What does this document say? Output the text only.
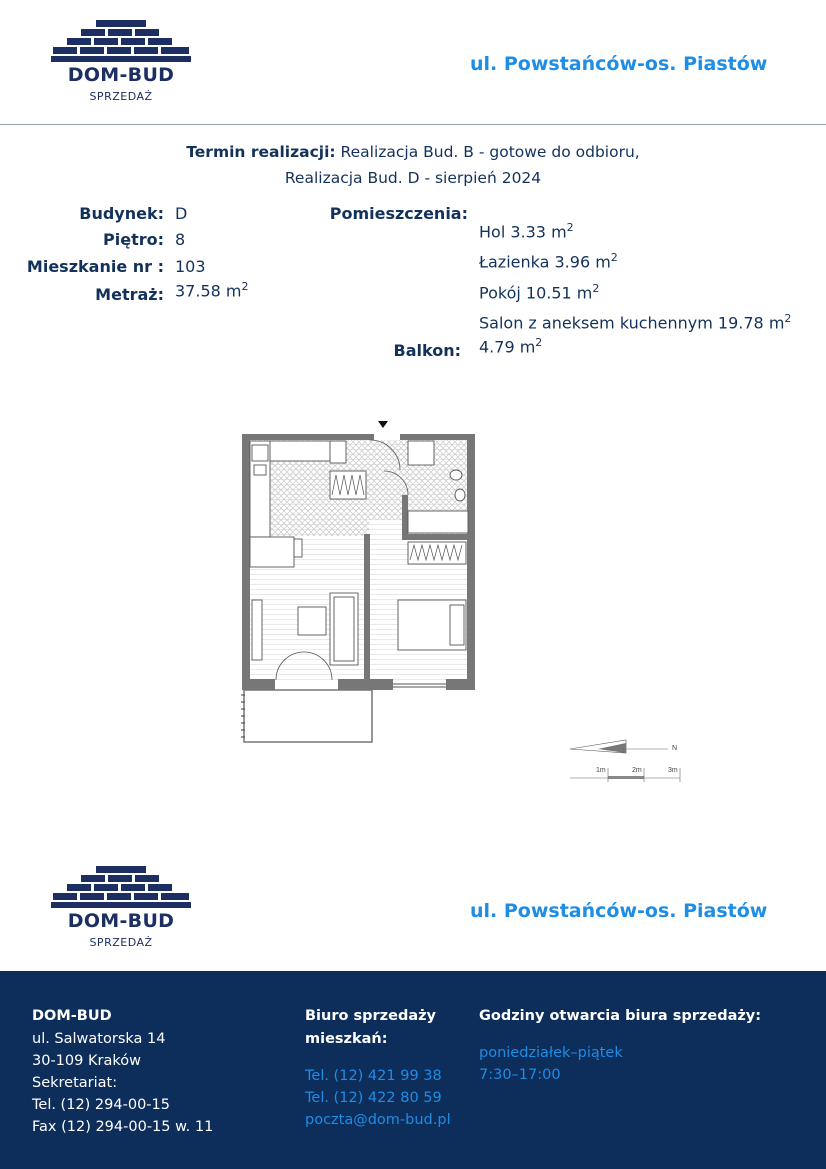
DOM-BUD
SPRZEDAŻ
ul. Powstańców-os. Piastów
Termin realizacji: Realizacja Bud. B - gotowe do odbioru,
Realizacja Bud. D - sierpień 2024
Budynek: D
Piętro: 8
Mieszkanie nr : 103
Metraż: 37.58 $m^2$
Pomieszczenia:
Hol 3.33 $m^2$
Łazienka 3.96 $m^2$
Pokój 10.51 $m^2$
Salon z aneksem kuchennym 19.78 $m^2$
Balkon: 4.79 $m^2$
N
1m	2m	3m
DOM-BUD
SPRZEDAŻ
ul. Powstańców-os. Piastów
DOM-BUD
ul. Salwatorska 14
30-109 Kraków
Sekretariat:
Tel. (12) 294-00-15
Fax (12) 294-00-15 w. 11
Biuro sprzedaży
mieszkań:
Tel. (12) 421 99 38
Tel. (12) 422 80 59
poczta@dom-bud.pl
Godziny otwarcia biura sprzedaży:
poniedziałek–piątek
7:30–17:00
